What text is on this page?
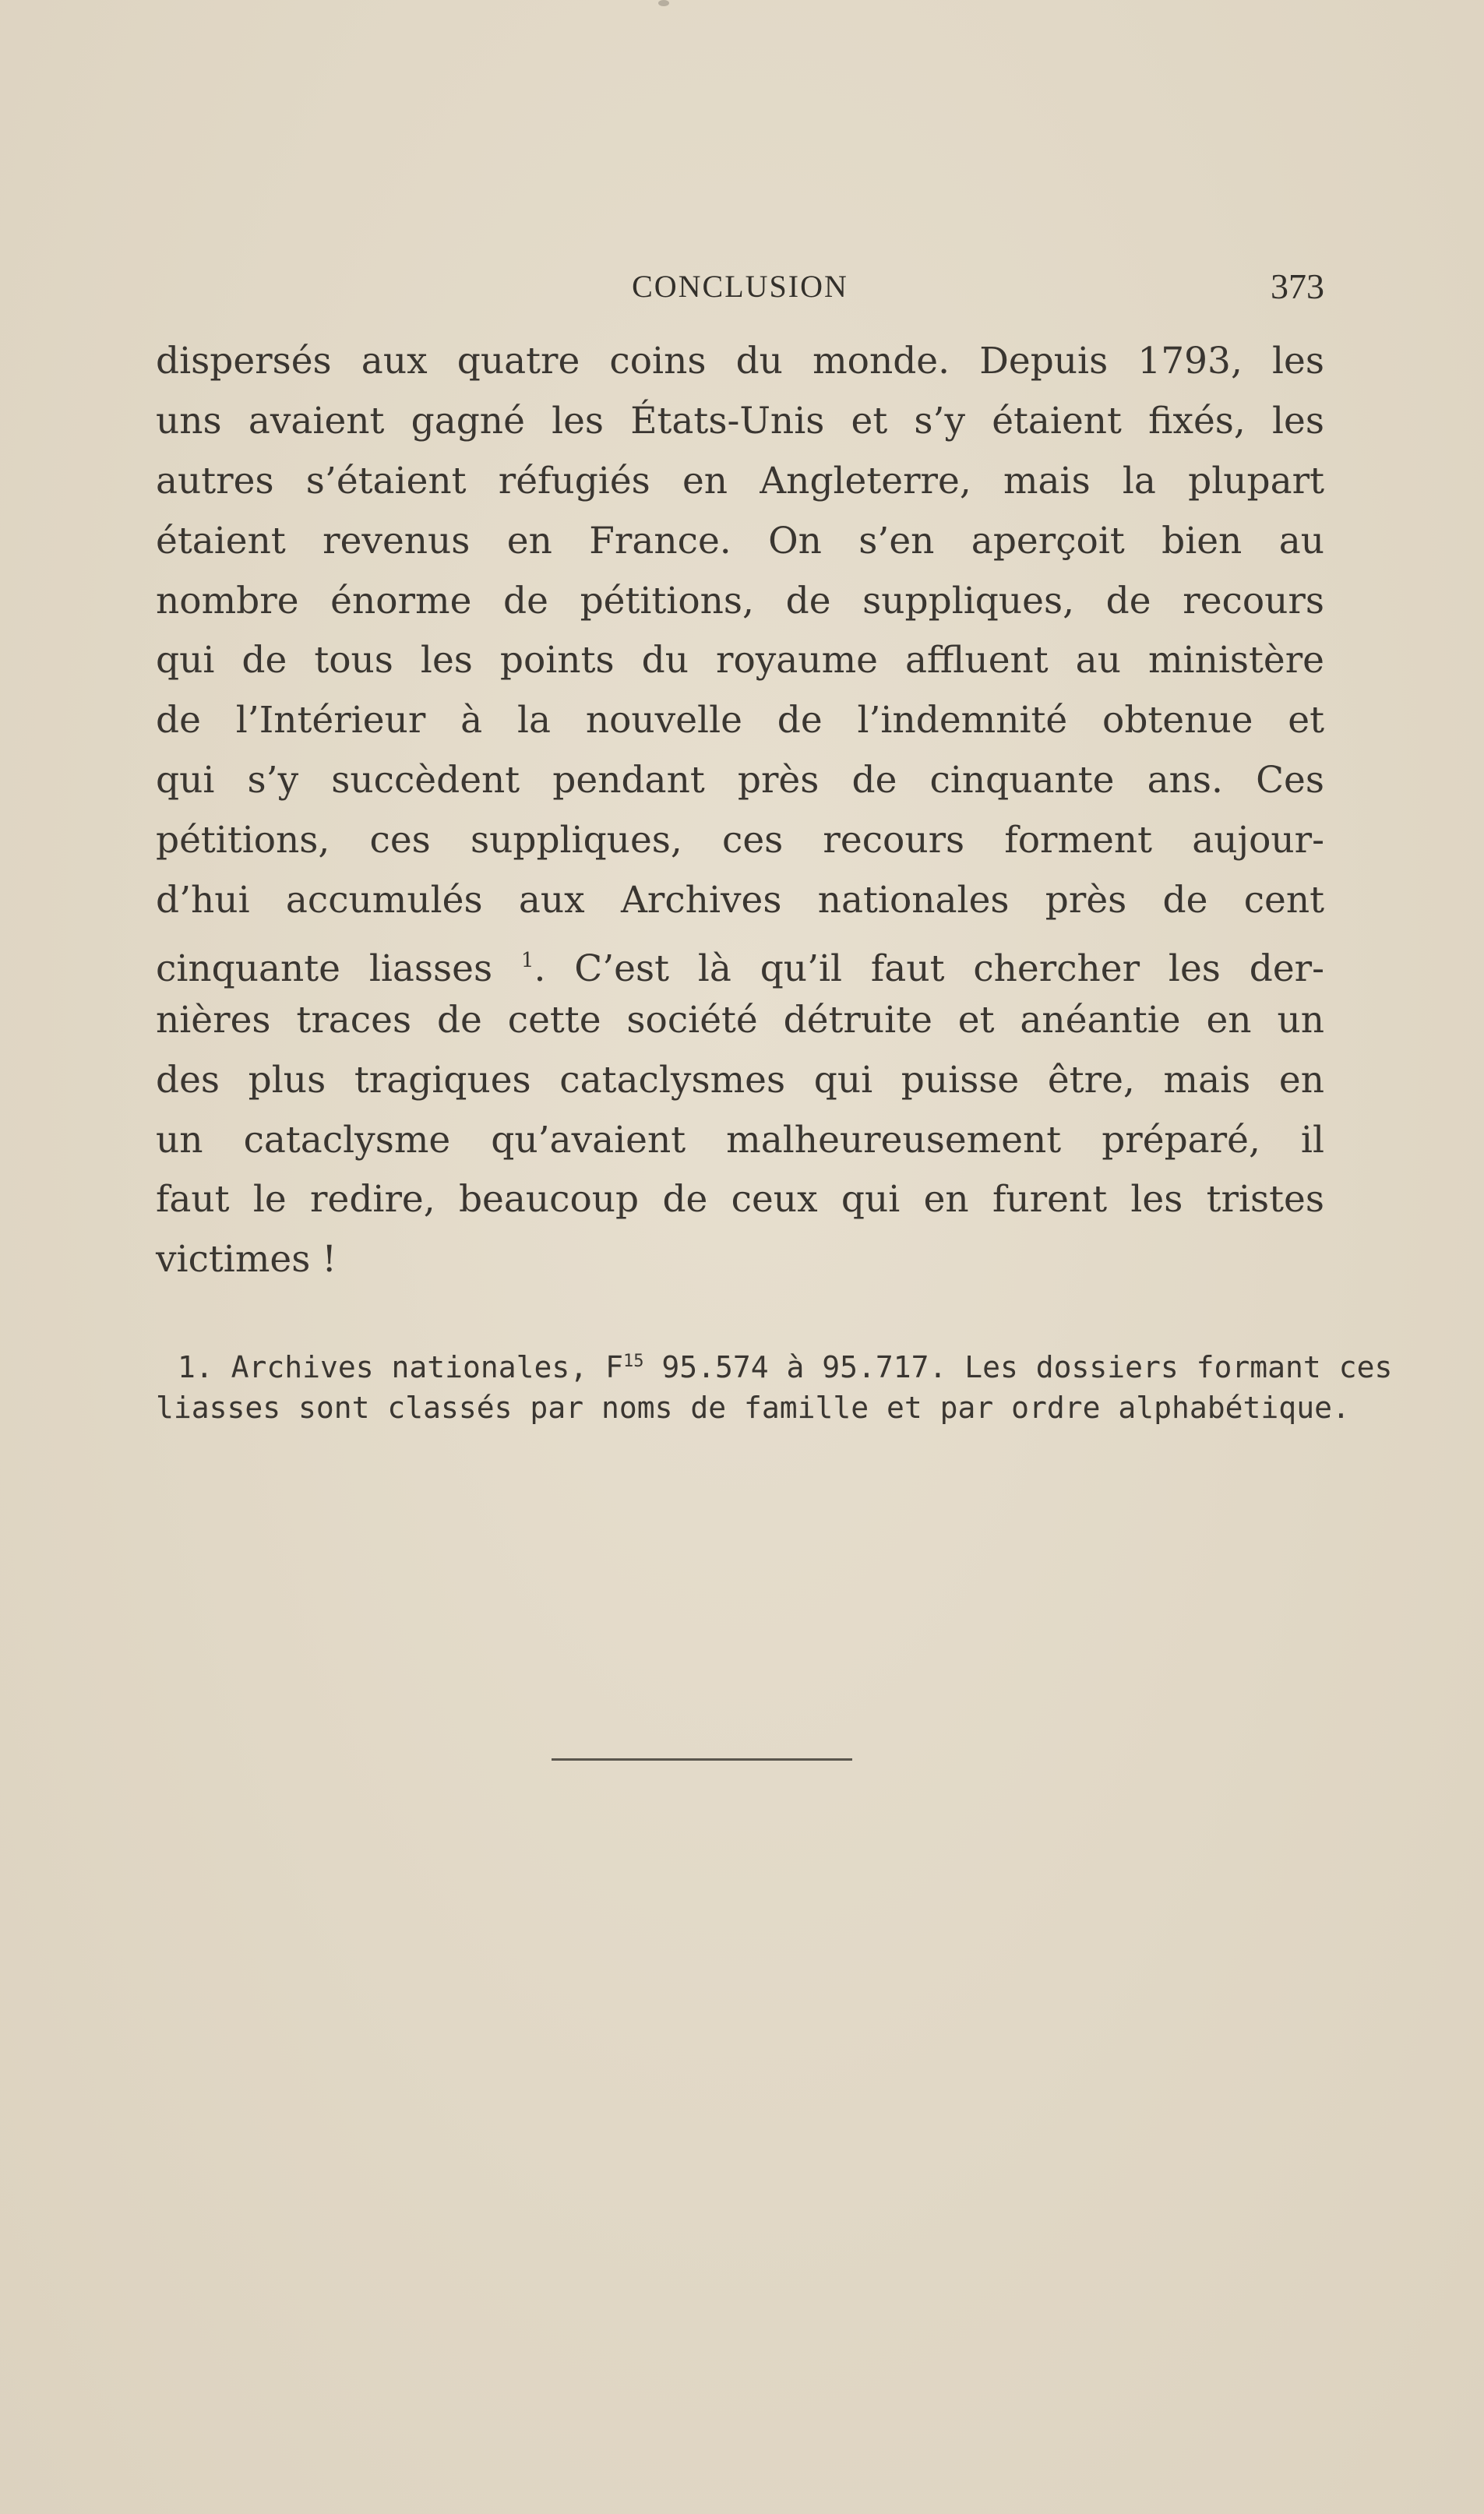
CONCLUSION	373
dispersés aux quatre coins du monde. Depuis 1793, les
uns avaient gagné les États-Unis et s’y étaient fixés, les
autres s’étaient réfugiés en Angleterre, mais la plupart
étaient revenus en France. On s’en aperçoit bien au
nombre énorme de pétitions, de suppliques, de recours
qui de tous les points du royaume affluent au ministère
de l’Intérieur à la nouvelle de l’indemnité obtenue et
qui s’y succèdent pendant près de cinquante ans. Ces
pétitions, ces suppliques, ces recours forment aujour-
d’hui accumulés aux Archives nationales près de cent
cinquante liasses $^1$. C’est là qu’il faut chercher les der-
nières traces de cette société détruite et anéantie en un
des plus tragiques cataclysmes qui puisse être, mais en
un cataclysme qu’avaient malheureusement préparé, il
faut le redire, beaucoup de ceux qui en furent les tristes
victimes !
1. Archives nationales, F$^{15}$ 95.574 à 95.717. Les dossiers formant ces
liasses sont classés par noms de famille et par ordre alphabétique.
